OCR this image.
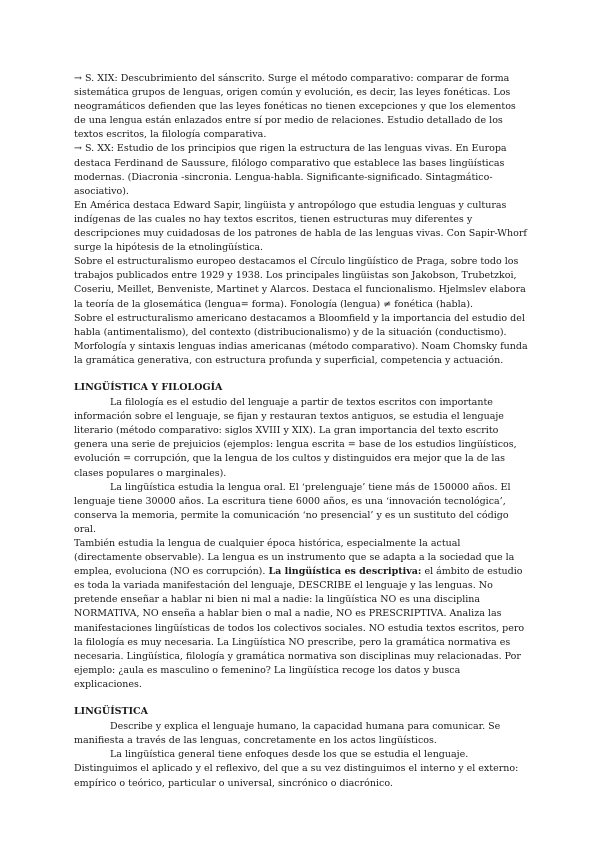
→ S. XIX: Descubrimiento del sánscrito. Surge el método comparativo: comparar de forma sistemática grupos de lenguas, origen común y evolución, es decir, las leyes fonéticas. Los neogramáticos defienden que las leyes fonéticas no tienen excepciones y que los elementos de una lengua están enlazados entre sí por medio de relaciones. Estudio detallado de los textos escritos, la filología comparativa.

→ S. XX: Estudio de los principios que rigen la estructura de las lenguas vivas. En Europa destaca Ferdinand de Saussure, filólogo comparativo que establece las bases lingüísticas modernas. (Diacronia -sincronia. Lengua-habla. Significante-significado. Sintagmático- asociativo).

En América destaca Edward Sapir, lingüista y antropólogo que estudia lenguas y culturas indígenas de las cuales no hay textos escritos, tienen estructuras muy diferentes y descripciones muy cuidadosas de los patrones de habla de las lenguas vivas. Con Sapir-Whorf surge la hipótesis de la etnolingüística.

Sobre el estructuralismo europeo destacamos el Círculo lingüístico de Praga, sobre todo los trabajos publicados entre 1929 y 1938. Los principales lingüistas son Jakobson, Trubetzkoi, Coseriu, Meillet, Benveniste, Martinet y Alarcos. Destaca el funcionalismo. Hjelmslev elabora la teoría de la glosemática (lengua= forma). Fonología (lengua) ≠ fonética (habla).

Sobre el estructuralismo americano destacamos a Bloomfield y la importancia del estudio del habla (antimentalismo), del contexto (distribucionalismo) y de la situación (conductismo). Morfología y sintaxis lenguas indias americanas (método comparativo). Noam Chomsky funda la gramática generativa, con estructura profunda y superficial, competencia y actuación.

LINGÜÍSTICA Y FILOLOGÍA

La filología es el estudio del lenguaje a partir de textos escritos con importante información sobre el lenguaje, se fijan y restauran textos antiguos, se estudia el lenguaje literario (método comparativo: siglos XVIII y XIX). La gran importancia del texto escrito genera una serie de prejuicios (ejemplos: lengua escrita = base de los estudios lingüísticos, evolución = corrupción, que la lengua de los cultos y distinguidos era mejor que la de las clases populares o marginales).

La lingüística estudia la lengua oral. El ‘prelenguaje’ tiene más de 150000 años. El lenguaje tiene 30000 años. La escritura tiene 6000 años, es una ‘innovación tecnológica’, conserva la memoria, permite la comunicación ‘no presencial’ y es un sustituto del código oral.

También estudia la lengua de cualquier época histórica, especialmente la actual (directamente observable). La lengua es un instrumento que se adapta a la sociedad que la emplea, evoluciona (NO es corrupción). La lingüística es descriptiva: el ámbito de estudio es toda la variada manifestación del lenguaje, DESCRIBE el lenguaje y las lenguas. No pretende enseñar a hablar ni bien ni mal a nadie: la lingüística NO es una disciplina NORMATIVA, NO enseña a hablar bien o mal a nadie, NO es PRESCRIPTIVA. Analiza las manifestaciones lingüísticas de todos los colectivos sociales. NO estudia textos escritos, pero la filología es muy necesaria. La Lingüística NO prescribe, pero la gramática normativa es necesaria. Lingüística, filología y gramática normativa son disciplinas muy relacionadas. Por ejemplo: ¿aula es masculino o femenino? La lingüística recoge los datos y busca explicaciones.

LINGÜÍSTICA

Describe y explica el lenguaje humano, la capacidad humana para comunicar. Se manifiesta a través de las lenguas, concretamente en los actos lingüísticos.

La lingüística general tiene enfoques desde los que se estudia el lenguaje. Distinguimos el aplicado y el reflexivo, del que a su vez distinguimos el interno y el externo: empírico o teórico, particular o universal, sincrónico o diacrónico.
